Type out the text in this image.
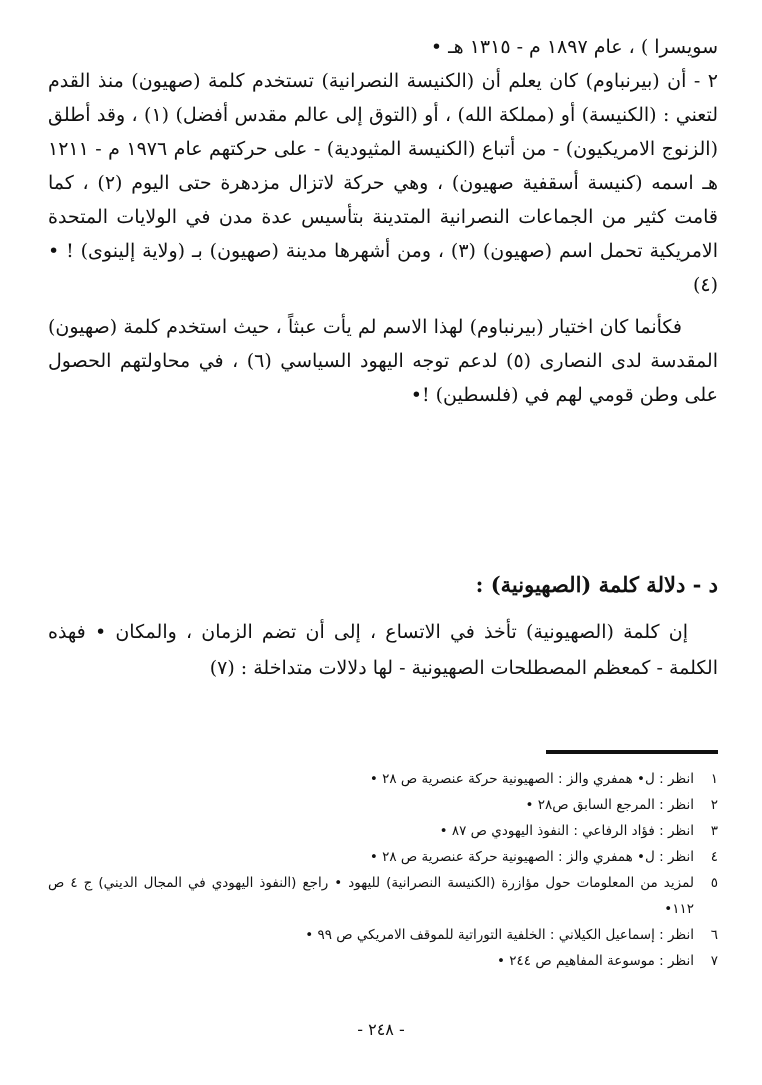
سويسرا ) ، عام ١٨٩٧ م - ١٣١٥ هـ •

٢ - أن (بيرنباوم) كان يعلم أن (الكنيسة النصرانية) تستخدم كلمة (صهيون) منذ القدم لتعني : (الكنيسة) أو (مملكة الله) ، أو (التوق إلى عالم مقدس أفضل) (١) ، وقد أطلق (الزنوج الامريكيون) - من أتباع (الكنيسة المثيودية) - على حركتهم عام ١٩٧٦ م - ١٢١١ هـ اسمه (كنيسة أسقفية صهيون) ، وهي حركة لاتزال مزدهرة حتى اليوم (٢) ، كما قامت كثير من الجماعات النصرانية المتدينة بتأسيس عدة مدن في الولايات المتحدة الامريكية تحمل اسم (صهيون) (٣) ، ومن أشهرها مدينة (صهيون) بـ (ولاية إلينوى) ! • (٤)

فكأنما كان اختيار (بيرنباوم) لهذا الاسم لم يأت عبثاً ، حيث استخدم كلمة (صهيون) المقدسة لدى النصارى (٥) لدعم توجه اليهود السياسي (٦) ، في محاولتهم الحصول على وطن قومي لهم في (فلسطين) !•

د - دلالة كلمة (الصهيونية) :

إن كلمة (الصهيونية) تأخذ في الاتساع ، إلى أن تضم الزمان ، والمكان • فهذه الكلمة - كمعظم المصطلحات الصهيونية - لها دلالات متداخلة : (٧)

١
انظر : ل• همفري والز : الصهيونية حركة عنصرية ص ٢٨ •
٢
انظر : المرجع السابق ص٢٨ •
٣
انظر : فؤاد الرفاعي : النفوذ اليهودي ص ٨٧ •
٤
انظر : ل• همفري والز : الصهيونية حركة عنصرية ص ٢٨ •
٥
لمزيد من المعلومات حول مؤازرة (الكنيسة النصرانية) لليهود • راجع (النفوذ اليهودي في المجال الديني) ج ٤ ص ١١٢•
٦
انظر : إسماعيل الكيلاني : الخلفية التوراتية للموقف الامريكي ص ٩٩ •
٧
انظر : موسوعة المفاهيم ص ٢٤٤ •
- ٢٤٨ -
